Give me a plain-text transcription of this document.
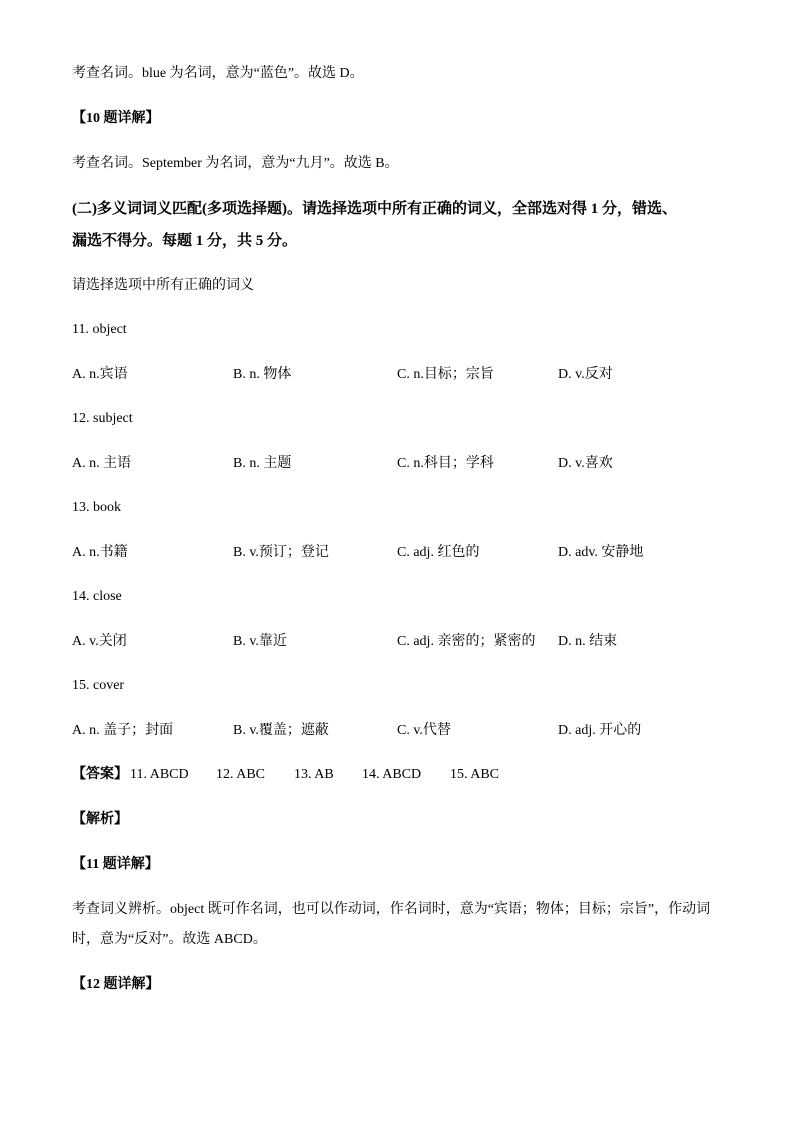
考查名词。blue 为名词，意为“蓝色”。故选 D。
【10 题详解】
考查名词。September 为名词，意为“九月”。故选 B。
(二)多义词词义匹配(多项选择题)。请选择选项中所有正确的词义，全部选对得 1 分，错选、
漏选不得分。每题 1 分，共 5 分。
请选择选项中所有正确的词义
11. object
A. n.宾语	B. n. 物体	C. n.目标；宗旨	D. v.反对
12. subject
A. n. 主语	B. n. 主题	C. n.科目；学科	D. v.喜欢
13. book
A. n.书籍	B. v.预订；登记	C. adj. 红色的	D. adv. 安静地
14. close
A. v.关闭	B. v.靠近	C. adj. 亲密的；紧密的 D. n. 结束
15. cover
A. n. 盖子；封面	B. v.覆盖；遮蔽	C. v.代替	D. adj. 开心的
【答案】 11. ABCD 12. ABC 13. AB 14. ABCD 15. ABC
【解析】
【11 题详解】
考查词义辨析。object 既可作名词，也可以作动词，作名词时，意为“宾语；物体；目标；宗旨”，作动词
时，意为“反对”。故选 ABCD。
【12 题详解】
